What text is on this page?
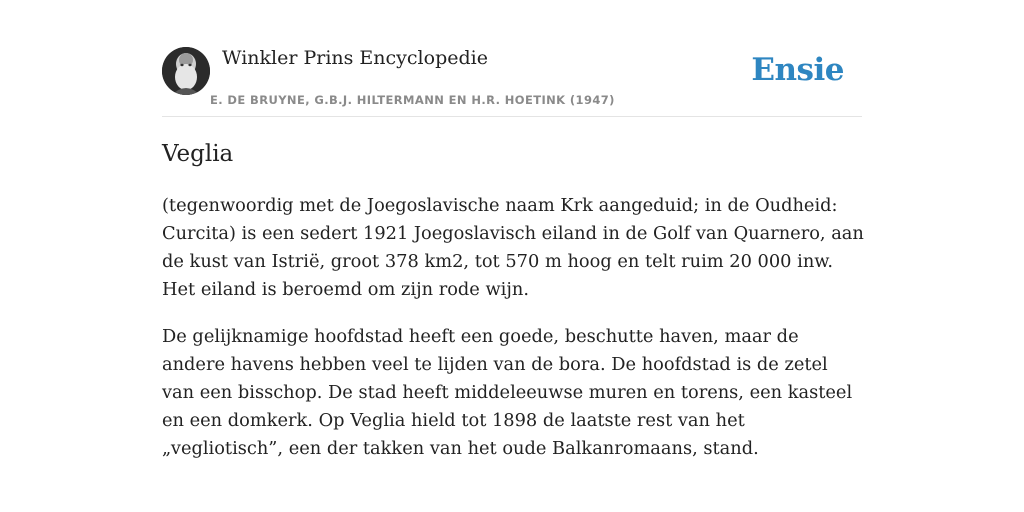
Winkler Prins Encyclopedie
E. DE BRUYNE, G.B.J. HILTERMANN EN H.R. HOETINK (1947)
Ensie
Veglia

(tegenwoordig met de Joegoslavische naam Krk aangeduid; in de Oudheid: Curcita) is een sedert 1921 Joegoslavisch eiland in de Golf van Quarnero, aan de kust van Istrië, groot 378 km2, tot 570 m hoog en telt ruim 20 000 inw. Het eiland is beroemd om zijn rode wijn.

De gelijknamige hoofdstad heeft een goede, beschutte haven, maar de andere havens hebben veel te lijden van de bora. De hoofdstad is de zetel van een bisschop. De stad heeft middeleeuwse muren en torens, een kasteel en een domkerk. Op Veglia hield tot 1898 de laatste rest van het „vegliotisch”, een der takken van het oude Balkanromaans, stand.
